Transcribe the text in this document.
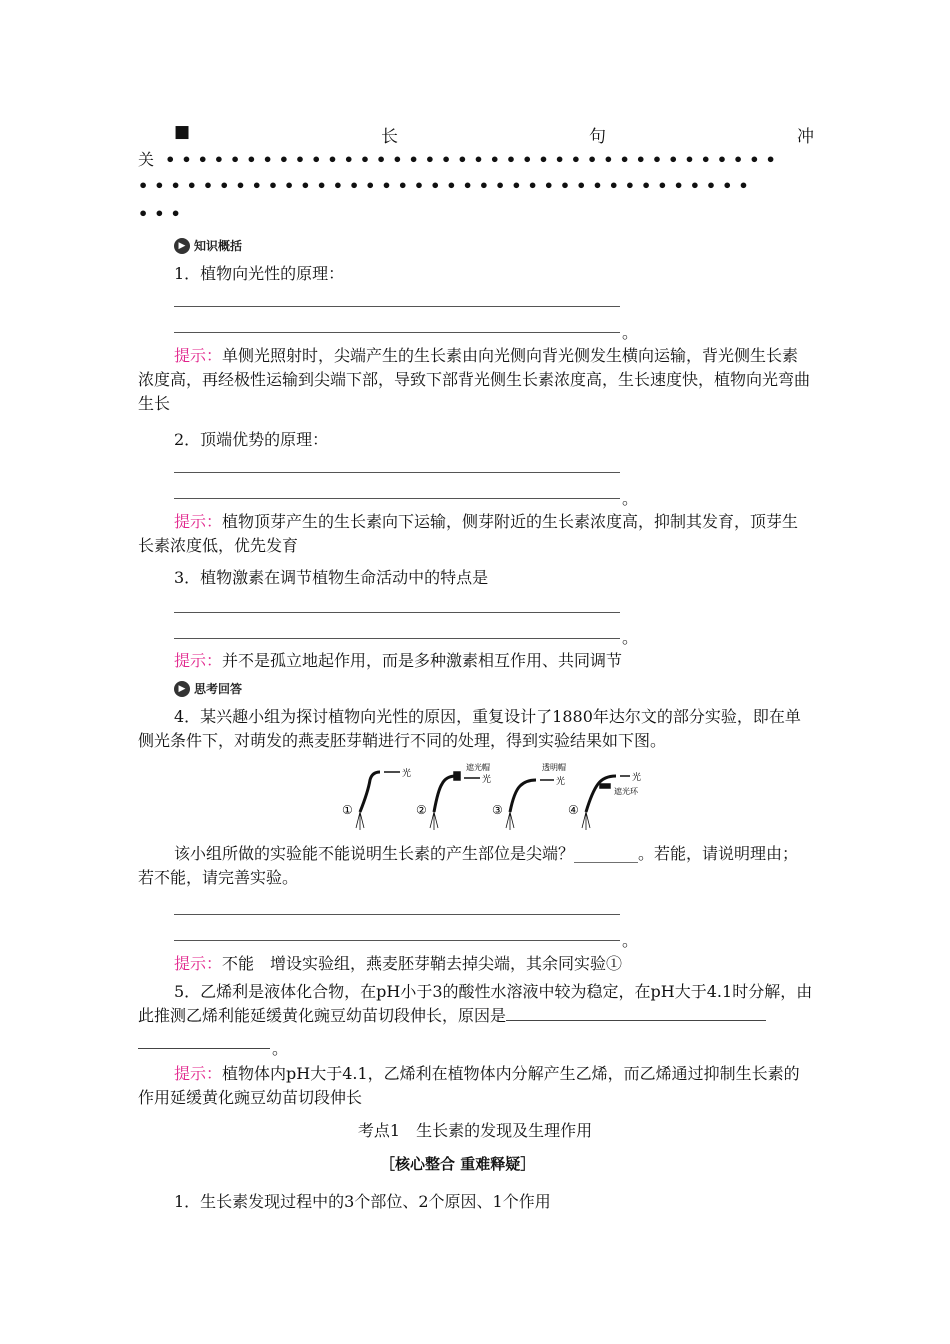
■	长	句	冲
关 ••••••••••••••••••••••••••••••••••••••
••••••••••••••••••••••••••••••••••••••
•••
▶ 知识概括
1．植物向光性的原理：
。
提示：单侧光照射时，尖端产生的生长素由向光侧向背光侧发生横向运输，背光侧生长素浓度高，再经极性运输到尖端下部，导致下部背光侧生长素浓度高，生长速度快，植物向光弯曲生长
2．顶端优势的原理：
。
提示：植物顶芽产生的生长素向下运输，侧芽附近的生长素浓度高，抑制其发育，顶芽生长素浓度低，优先发育
3．植物激素在调节植物生命活动中的特点是
。
提示：并不是孤立地起作用，而是多种激素相互作用、共同调节
▶ 思考回答
4．某兴趣小组为探讨植物向光性的原因，重复设计了1880年达尔文的部分实验，即在单侧光条件下，对萌发的燕麦胚芽鞘进行不同的处理，得到实验结果如下图。
①
光
②
遮光帽
光
③
透明帽
光
④
光
遮光环
该小组所做的实验能不能说明生长素的产生部位是尖端？________。若能，请说明理由；若不能，请完善实验。
。
提示：不能　增设实验组，燕麦胚芽鞘去掉尖端，其余同实验①
5．乙烯利是液体化合物，在pH小于3的酸性水溶液中较为稳定，在pH大于4.1时分解，由此推测乙烯利能延缓黄化豌豆幼苗切段伸长，原因是
。
提示：植物体内pH大于4.1，乙烯利在植物体内分解产生乙烯，而乙烯通过抑制生长素的作用延缓黄化豌豆幼苗切段伸长
考点1　生长素的发现及生理作用
［核心整合 重难释疑］
1．生长素发现过程中的3个部位、2个原因、1个作用
